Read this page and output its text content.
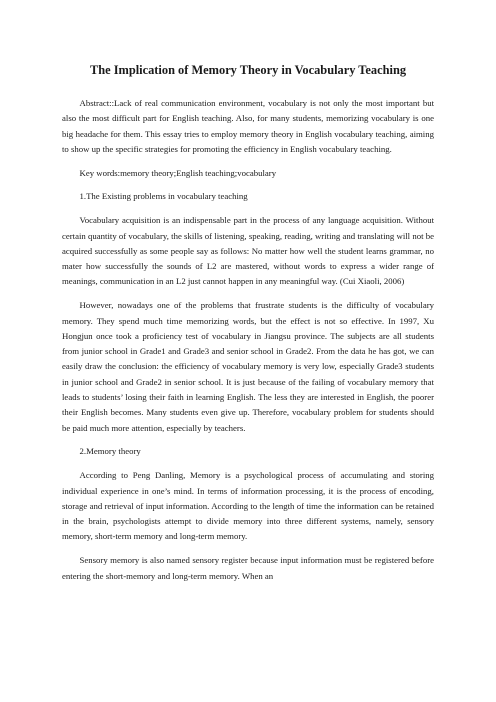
The Implication of Memory Theory in Vocabulary Teaching

Abstract::Lack of real communication environment, vocabulary is not only the most important but also the most difficult part for English teaching. Also, for many students, memorizing vocabulary is one big headache for them. This essay tries to employ memory theory in English vocabulary teaching, aiming to show up the specific strategies for promoting the efficiency in English vocabulary teaching.

Key words:memory theory;English teaching;vocabulary

1.The Existing problems in vocabulary teaching

Vocabulary acquisition is an indispensable part in the process of any language acquisition. Without certain quantity of vocabulary, the skills of listening, speaking, reading, writing and translating will not be acquired successfully as some people say as follows: No matter how well the student learns grammar, no mater how successfully the sounds of L2 are mastered, without words to express a wider range of meanings, communication in an L2 just cannot happen in any meaningful way. (Cui Xiaoli, 2006)

However, nowadays one of the problems that frustrate students is the difficulty of vocabulary memory. They spend much time memorizing words, but the effect is not so effective. In 1997, Xu Hongjun once took a proficiency test of vocabulary in Jiangsu province. The subjects are all students from junior school in Grade1 and Grade3 and senior school in Grade2. From the data he has got, we can easily draw the conclusion: the efficiency of vocabulary memory is very low, especially Grade3 students in junior school and Grade2 in senior school. It is just because of the failing of vocabulary memory that leads to students’ losing their faith in learning English. The less they are interested in English, the poorer their English becomes. Many students even give up. Therefore, vocabulary problem for students should be paid much more attention, especially by teachers.

2.Memory theory

According to Peng Danling, Memory is a psychological process of accumulating and storing individual experience in one’s mind. In terms of information processing, it is the process of encoding, storage and retrieval of input information. According to the length of time the information can be retained in the brain, psychologists attempt to divide memory into three different systems, namely, sensory memory, short-term memory and long-term memory.

Sensory memory is also named sensory register because input information must be registered before entering the short-memory and long-term memory. When an
